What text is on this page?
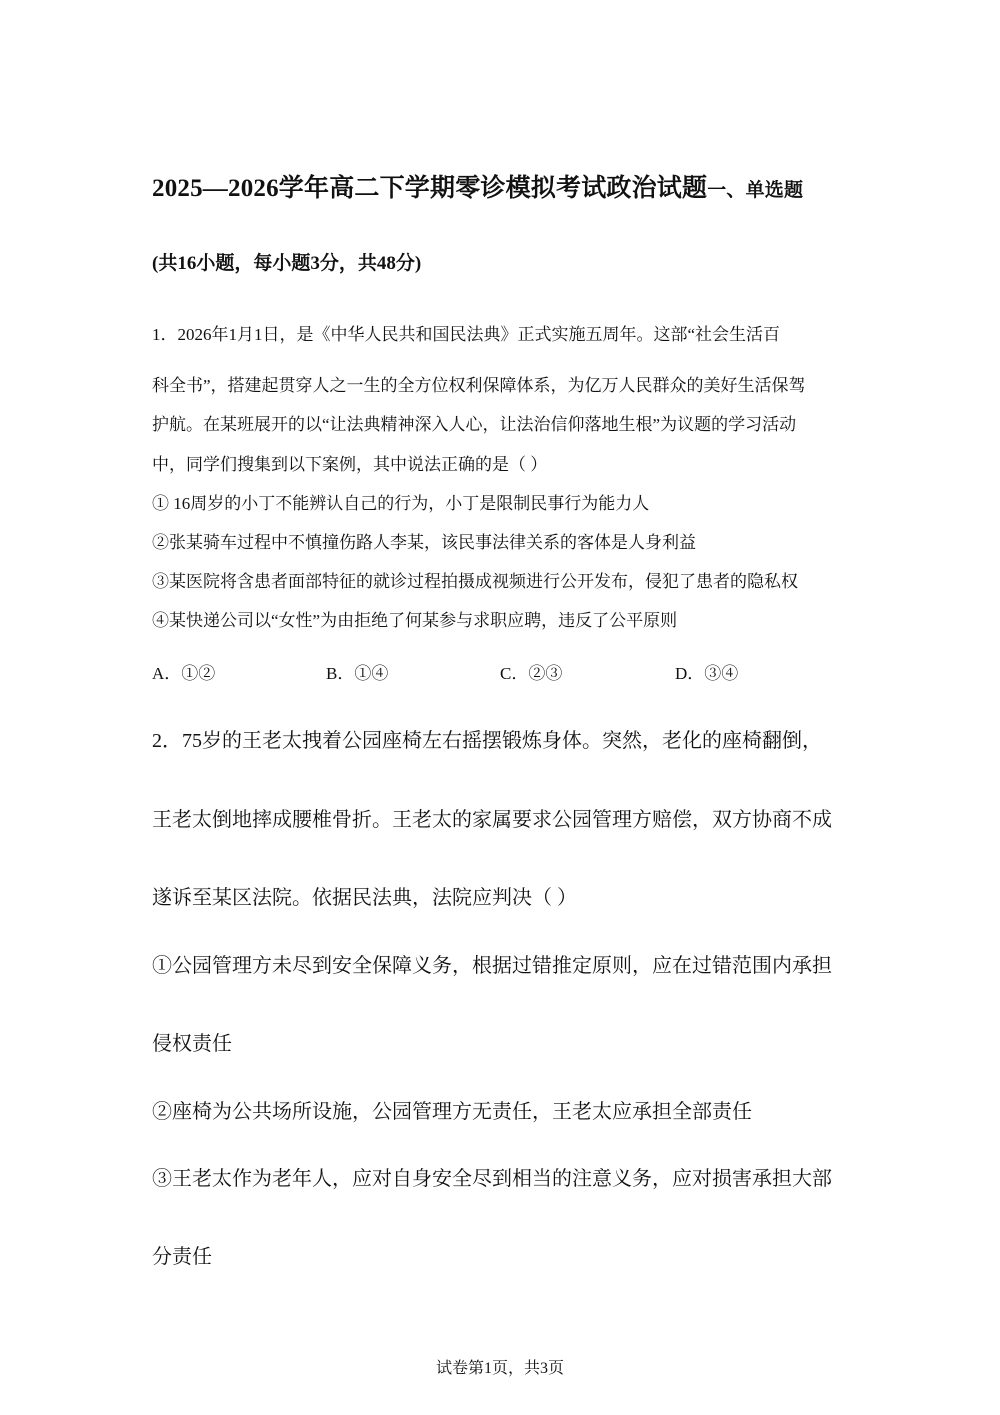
2025—2026学年高二下学期零诊模拟考试政治试题一、单选题
(共16小题，每小题3分，共48分)
1．2026年1月1日，是《中华人民共和国民法典》正式实施五周年。这部“社会生活百
科全书”，搭建起贯穿人之一生的全方位权利保障体系，为亿万人民群众的美好生活保驾
护航。在某班展开的以“让法典精神深入人心，让法治信仰落地生根”为议题的学习活动
中，同学们搜集到以下案例，其中说法正确的是（ ）
① 16周岁的小丁不能辨认自己的行为，小丁是限制民事行为能力人
②张某骑车过程中不慎撞伤路人李某，该民事法律关系的客体是人身利益
③某医院将含患者面部特征的就诊过程拍摄成视频进行公开发布，侵犯了患者的隐私权
④某快递公司以“女性”为由拒绝了何某参与求职应聘，违反了公平原则
A．①②	B．①④	C．②③	D．③④
2．75岁的王老太拽着公园座椅左右摇摆锻炼身体。突然，老化的座椅翻倒，
王老太倒地摔成腰椎骨折。王老太的家属要求公园管理方赔偿，双方协商不成
遂诉至某区法院。依据民法典，法院应判决（ ）
①公园管理方未尽到安全保障义务，根据过错推定原则，应在过错范围内承担
侵权责任
②座椅为公共场所设施，公园管理方无责任，王老太应承担全部责任
③王老太作为老年人，应对自身安全尽到相当的注意义务，应对损害承担大部
分责任
试卷第1页，共3页
